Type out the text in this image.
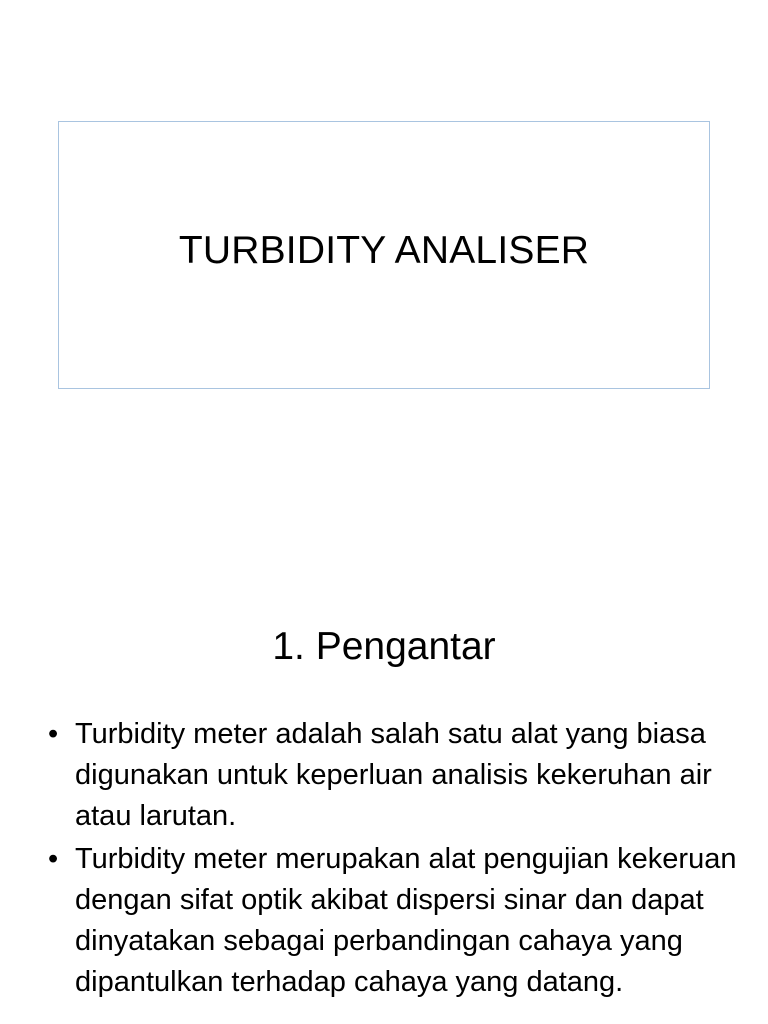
TURBIDITY ANALISER
1. Pengantar
• Turbidity meter adalah salah satu alat yang biasa digunakan untuk keperluan analisis kekeruhan air atau larutan.
• Turbidity meter merupakan alat pengujian kekeruan dengan sifat optik akibat dispersi sinar dan dapat dinyatakan sebagai perbandingan cahaya yang dipantulkan terhadap cahaya yang datang.
